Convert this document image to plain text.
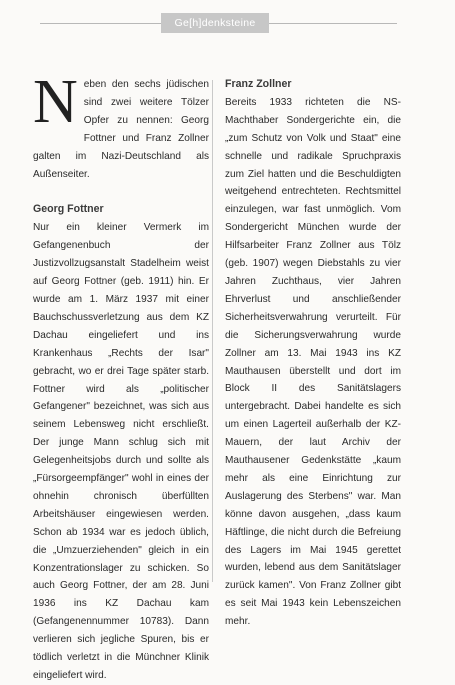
Ge[h]denksteine
N eben den sechs jüdischen sind zwei weitere Tölzer Opfer zu nennen: Georg Fottner und Franz Zollner galten im Nazi-Deutschland als Außenseiter.

Georg Fottner

Nur ein kleiner Vermerk im Gefangenenbuch der Justizvollzugsanstalt Stadelheim weist auf Georg Fottner (geb. 1911) hin. Er wurde am 1. März 1937 mit einer Bauchschussverletzung aus dem KZ Dachau eingeliefert und ins Krankenhaus „Rechts der Isar" gebracht, wo er drei Tage später starb. Fottner wird als „politischer Gefangener" bezeichnet, was sich aus seinem Lebensweg nicht erschließt. Der junge Mann schlug sich mit Gelegenheitsjobs durch und sollte als „Fürsorgeempfänger" wohl in eines der ohnehin chronisch überfüllten Arbeitshäuser eingewiesen werden. Schon ab 1934 war es jedoch üblich, die „Umzuerziehenden" gleich in ein Konzentrationslager zu schicken. So auch Georg Fottner, der am 28. Juni 1936 ins KZ Dachau kam (Gefangenennummer 10783). Dann verlieren sich jegliche Spuren, bis er tödlich verletzt in die Münchner Klinik eingeliefert wird.

Franz Zollner

Bereits 1933 richteten die NS-Machthaber Sondergerichte ein, die „zum Schutz von Volk und Staat" eine schnelle und radikale Spruchpraxis zum Ziel hatten und die Beschuldigten weitgehend entrechteten. Rechtsmittel einzulegen, war fast unmöglich. Vom Sondergericht München wurde der Hilfsarbeiter Franz Zollner aus Tölz (geb. 1907) wegen Diebstahls zu vier Jahren Zuchthaus, vier Jahren Ehrverlust und anschließender Sicherheitsverwahrung verurteilt. Für die Sicherungsverwahrung wurde Zollner am 13. Mai 1943 ins KZ Mauthausen überstellt und dort im Block II des Sanitätslagers untergebracht. Dabei handelte es sich um einen Lagerteil außerhalb der KZ-Mauern, der laut Archiv der Mauthausener Gedenkstätte „kaum mehr als eine Einrichtung zur Auslagerung des Sterbens" war. Man könne davon ausgehen, „dass kaum Häftlinge, die nicht durch die Befreiung des Lagers im Mai 1945 gerettet wurden, lebend aus dem Sanitätslager zurück kamen". Von Franz Zollner gibt es seit Mai 1943 kein Lebenszeichen mehr.
